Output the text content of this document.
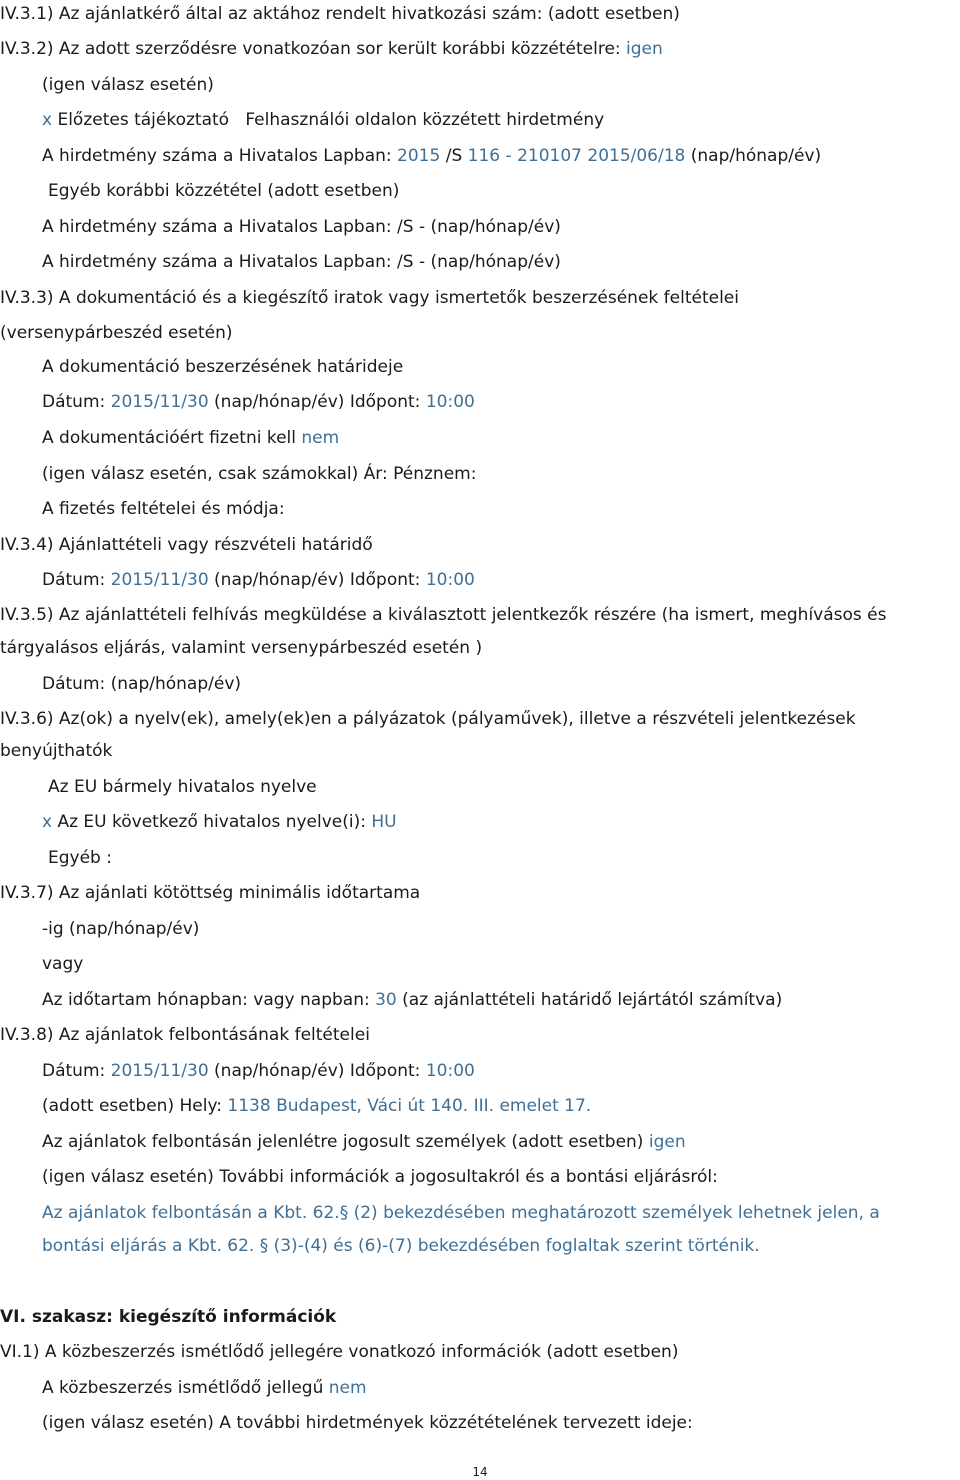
IV.3.1) Az ajánlatkérő által az aktához rendelt hivatkozási szám: (adott esetben)
IV.3.2) Az adott szerződésre vonatkozóan sor került korábbi közzétételre: igen
(igen válasz esetén)
x Előzetes tájékoztató Felhasználói oldalon közzétett hirdetmény
A hirdetmény száma a Hivatalos Lapban: 2015 /S 116 - 210107 2015/06/18 (nap/hónap/év)
Egyéb korábbi közzététel (adott esetben)
A hirdetmény száma a Hivatalos Lapban: /S - (nap/hónap/év)
A hirdetmény száma a Hivatalos Lapban: /S - (nap/hónap/év)
IV.3.3) A dokumentáció és a kiegészítő iratok vagy ismertetők beszerzésének feltételei
(versenypárbeszéd esetén)
A dokumentáció beszerzésének határideje
Dátum: 2015/11/30 (nap/hónap/év) Időpont: 10:00
A dokumentációért fizetni kell nem
(igen válasz esetén, csak számokkal) Ár: Pénznem:
A fizetés feltételei és módja:
IV.3.4) Ajánlattételi vagy részvételi határidő
Dátum: 2015/11/30 (nap/hónap/év) Időpont: 10:00
IV.3.5) Az ajánlattételi felhívás megküldése a kiválasztott jelentkezők részére (ha ismert, meghívásos és
tárgyalásos eljárás, valamint versenypárbeszéd esetén )
Dátum: (nap/hónap/év)
IV.3.6) Az(ok) a nyelv(ek), amely(ek)en a pályázatok (pályaművek), illetve a részvételi jelentkezések
benyújthatók
Az EU bármely hivatalos nyelve
x Az EU következő hivatalos nyelve(i): HU
Egyéb :
IV.3.7) Az ajánlati kötöttség minimális időtartama
-ig (nap/hónap/év)
vagy
Az időtartam hónapban: vagy napban: 30 (az ajánlattételi határidő lejártától számítva)
IV.3.8) Az ajánlatok felbontásának feltételei
Dátum: 2015/11/30 (nap/hónap/év) Időpont: 10:00
(adott esetben) Hely: 1138 Budapest, Váci út 140. III. emelet 17.
Az ajánlatok felbontásán jelenlétre jogosult személyek (adott esetben) igen
(igen válasz esetén) További információk a jogosultakról és a bontási eljárásról:
Az ajánlatok felbontásán a Kbt. 62.§ (2) bekezdésében meghatározott személyek lehetnek jelen, a
bontási eljárás a Kbt. 62. § (3)-(4) és (6)-(7) bekezdésében foglaltak szerint történik.
VI. szakasz: kiegészítő információk
VI.1) A közbeszerzés ismétlődő jellegére vonatkozó információk (adott esetben)
A közbeszerzés ismétlődő jellegű nem
(igen válasz esetén) A további hirdetmények közzétételének tervezett ideje:
14
